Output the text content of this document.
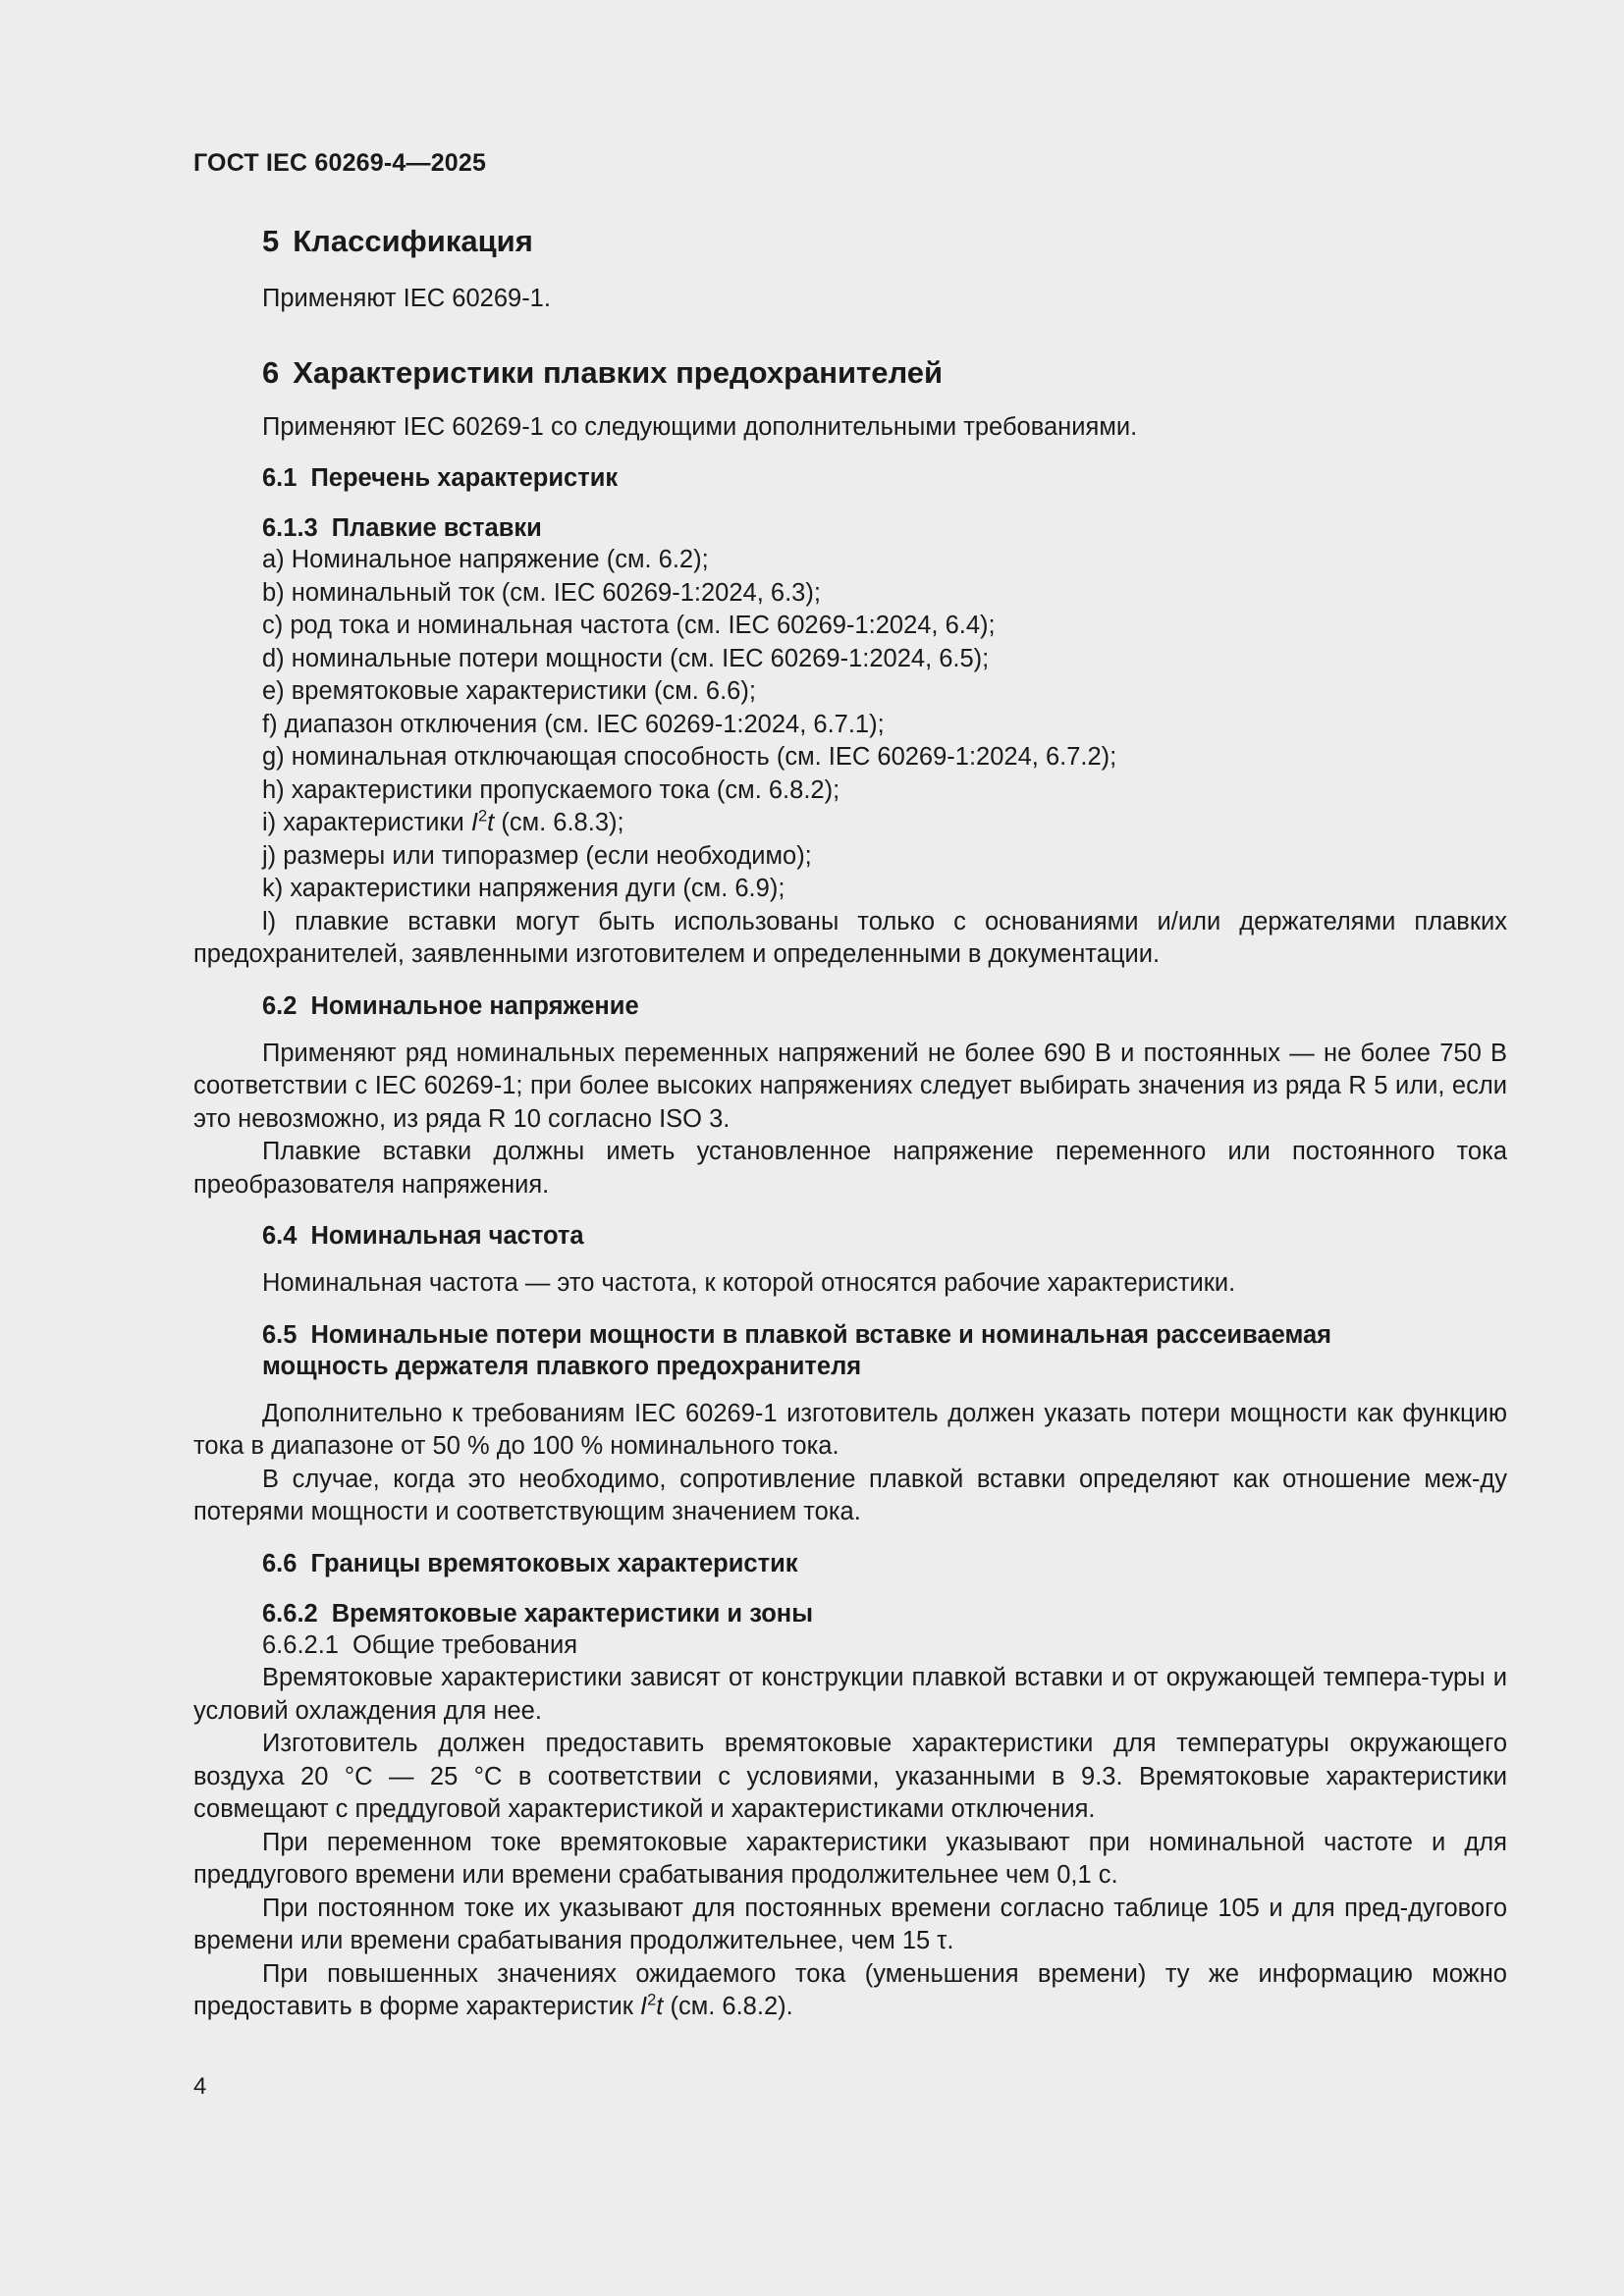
ГОСТ IEC 60269-4—2025
5 Классификация
Применяют IEC 60269-1.
6 Характеристики плавких предохранителей
Применяют IEC 60269-1 со следующими дополнительными требованиями.
6.1 Перечень характеристик
6.1.3 Плавкие вставки
а) Номинальное напряжение (см. 6.2);
b) номинальный ток (см. IEC 60269-1:2024, 6.3);
с) род тока и номинальная частота (см. IEC 60269-1:2024, 6.4);
d) номинальные потери мощности (см. IEC 60269-1:2024, 6.5);
е) времятоковые характеристики (см. 6.6);
f) диапазон отключения (см. IEC 60269-1:2024, 6.7.1);
g) номинальная отключающая способность (см. IEC 60269-1:2024, 6.7.2);
h) характеристики пропускаемого тока (см. 6.8.2);
i) характеристики $I^2t$ (см. 6.8.3);
j) размеры или типоразмер (если необходимо);
k) характеристики напряжения дуги (см. 6.9);
l) плавкие вставки могут быть использованы только с основаниями и/или держателями плавких предохранителей, заявленными изготовителем и определенными в документации.
6.2 Номинальное напряжение
Применяют ряд номинальных переменных напряжений не более 690 В и постоянных — не более 750 В соответствии с IEC 60269-1; при более высоких напряжениях следует выбирать значения из ряда R 5 или, если это невозможно, из ряда R 10 согласно ISO 3.
Плавкие вставки должны иметь установленное напряжение переменного или постоянного тока преобразователя напряжения.
6.4 Номинальная частота
Номинальная частота — это частота, к которой относятся рабочие характеристики.
6.5 Номинальные потери мощности в плавкой вставке и номинальная рассеиваемая
мощность держателя плавкого предохранителя
Дополнительно к требованиям IEC 60269-1 изготовитель должен указать потери мощности как функцию тока в диапазоне от 50 % до 100 % номинального тока.
В случае, когда это необходимо, сопротивление плавкой вставки определяют как отношение меж-ду потерями мощности и соответствующим значением тока.
6.6 Границы времятоковых характеристик
6.6.2 Времятоковые характеристики и зоны
6.6.2.1 Общие требования
Времятоковые характеристики зависят от конструкции плавкой вставки и от окружающей темпера-туры и условий охлаждения для нее.
Изготовитель должен предоставить времятоковые характеристики для температуры окружающего воздуха 20 °С — 25 °С в соответствии с условиями, указанными в 9.3. Времятоковые характеристики совмещают с преддуговой характеристикой и характеристиками отключения.
При переменном токе времятоковые характеристики указывают при номинальной частоте и для преддугового времени или времени срабатывания продолжительнее чем 0,1 с.
При постоянном токе их указывают для постоянных времени согласно таблице 105 и для пред-дугового времени или времени срабатывания продолжительнее, чем 15 τ.
При повышенных значениях ожидаемого тока (уменьшения времени) ту же информацию можно предоставить в форме характеристик $I^2t$ (см. 6.8.2).
4
